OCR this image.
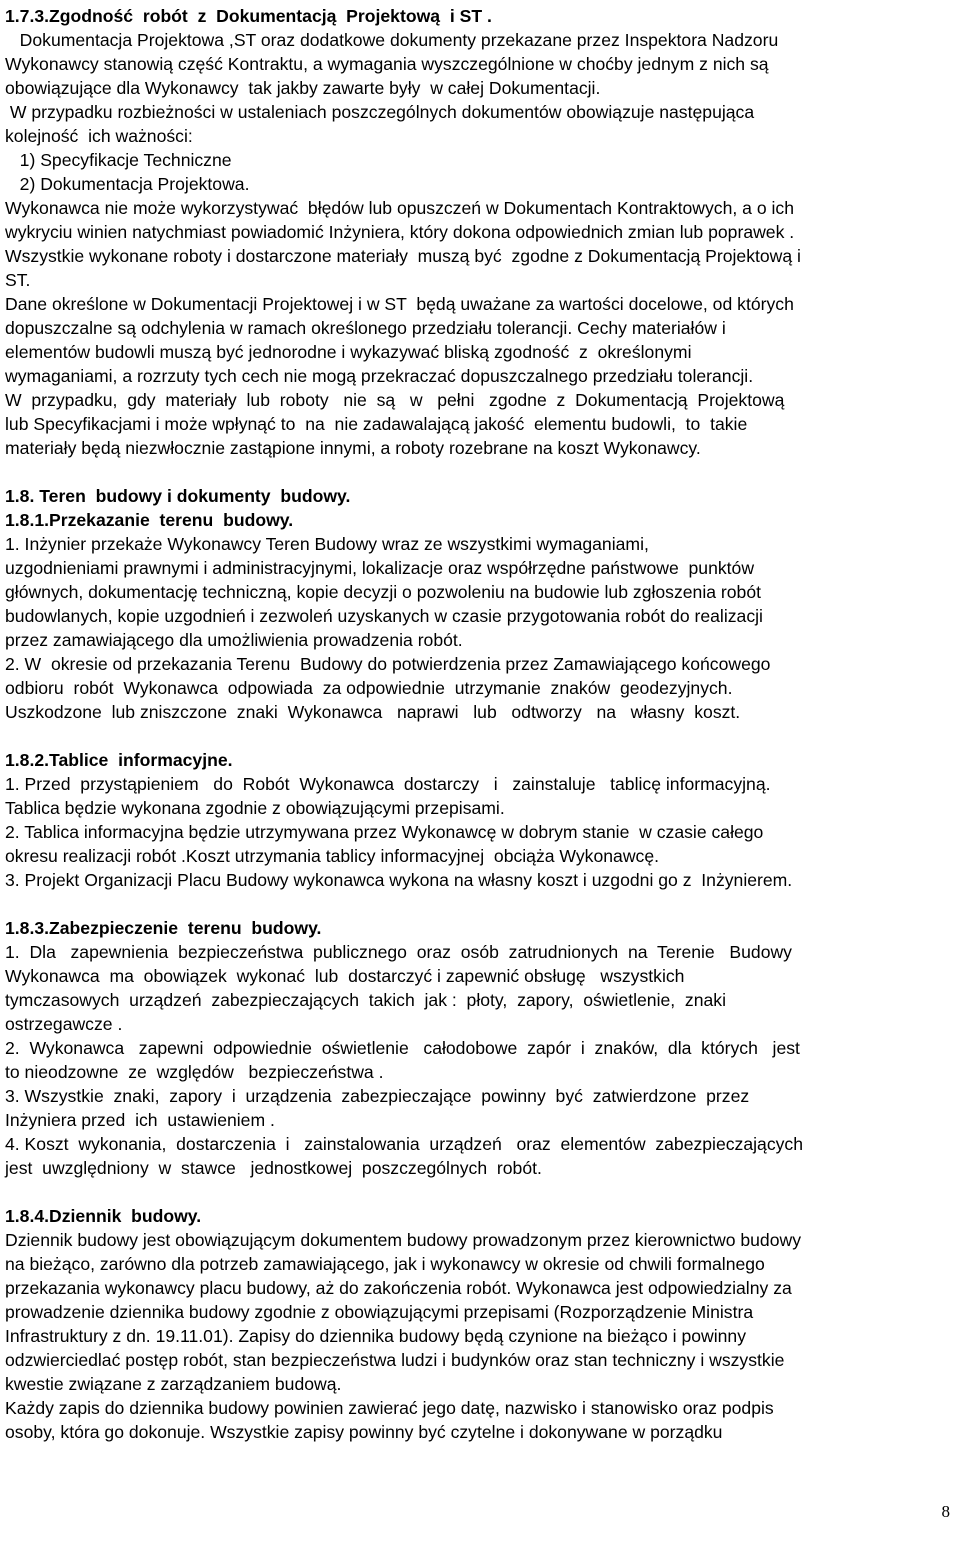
1.7.3.Zgodność  robót  z  Dokumentacją  Projektową  i ST .
Dokumentacja Projektowa ,ST oraz dodatkowe dokumenty przekazane przez Inspektora Nadzoru
Wykonawcy stanowią część Kontraktu, a wymagania wyszczególnione w choćby jednym z nich są
obowiązujące dla Wykonawcy  tak jakby zawarte były  w całej Dokumentacji.
W przypadku rozbieżności w ustaleniach poszczególnych dokumentów obowiązuje następująca
kolejność  ich ważności:
1) Specyfikacje Techniczne
2) Dokumentacja Projektowa.
Wykonawca nie może wykorzystywać  błędów lub opuszczeń w Dokumentach Kontraktowych, a o ich
wykryciu winien natychmiast powiadomić Inżyniera, który dokona odpowiednich zmian lub poprawek .
Wszystkie wykonane roboty i dostarczone materiały  muszą być  zgodne z Dokumentacją Projektową i
ST.
Dane określone w Dokumentacji Projektowej i w ST  będą uważane za wartości docelowe, od których
dopuszczalne są odchylenia w ramach określonego przedziału tolerancji. Cechy materiałów i
elementów budowli muszą być jednorodne i wykazywać bliską zgodność  z  określonymi
wymaganiami, a rozrzuty tych cech nie mogą przekraczać dopuszczalnego przedziału tolerancji.
W  przypadku,  gdy  materiały  lub  roboty   nie  są   w   pełni   zgodne  z  Dokumentacją  Projektową
lub Specyfikacjami i może wpłynąć to  na  nie zadawalającą jakość  elementu budowli,  to  takie
materiały będą niezwłocznie zastąpione innymi, a roboty rozebrane na koszt Wykonawcy.
1.8. Teren  budowy i dokumenty  budowy.
1.8.1.Przekazanie  terenu  budowy.
1. Inżynier przekaże Wykonawcy Teren Budowy wraz ze wszystkimi wymaganiami,
uzgodnieniami prawnymi i administracyjnymi, lokalizacje oraz współrzędne państwowe  punktów
głównych, dokumentację techniczną, kopie decyzji o pozwoleniu na budowie lub zgłoszenia robót
budowlanych, kopie uzgodnień i zezwoleń uzyskanych w czasie przygotowania robót do realizacji
przez zamawiającego dla umożliwienia prowadzenia robót.
2. W  okresie od przekazania Terenu  Budowy do potwierdzenia przez Zamawiającego końcowego
odbioru  robót  Wykonawca  odpowiada  za odpowiednie  utrzymanie  znaków  geodezyjnych.
Uszkodzone  lub zniszczone  znaki  Wykonawca   naprawi   lub   odtworzy   na   własny  koszt.
1.8.2.Tablice  informacyjne.
1. Przed  przystąpieniem   do  Robót  Wykonawca  dostarczy   i   zainstaluje   tablicę informacyjną.
Tablica będzie wykonana zgodnie z obowiązującymi przepisami.
2. Tablica informacyjna będzie utrzymywana przez Wykonawcę w dobrym stanie  w czasie całego
okresu realizacji robót .Koszt utrzymania tablicy informacyjnej  obciąża Wykonawcę.
3. Projekt Organizacji Placu Budowy wykonawca wykona na własny koszt i uzgodni go z  Inżynierem.
1.8.3.Zabezpieczenie  terenu  budowy.
1.  Dla   zapewnienia  bezpieczeństwa  publicznego  oraz  osób  zatrudnionych  na  Terenie   Budowy
Wykonawca  ma  obowiązek  wykonać  lub  dostarczyć i zapewnić obsługę   wszystkich
tymczasowych  urządzeń  zabezpieczających  takich  jak :  płoty,  zapory,  oświetlenie,  znaki
ostrzegawcze .
2.  Wykonawca   zapewni  odpowiednie  oświetlenie   całodobowe  zapór  i  znaków,  dla  których   jest
to nieodzowne  ze  względów   bezpieczeństwa .
3. Wszystkie  znaki,  zapory  i  urządzenia  zabezpieczające  powinny  być  zatwierdzone  przez
Inżyniera przed  ich  ustawieniem .
4. Koszt  wykonania,  dostarczenia  i   zainstalowania  urządzeń   oraz  elementów  zabezpieczających
jest  uwzględniony  w  stawce   jednostkowej  poszczególnych  robót.
1.8.4.Dziennik  budowy.
Dziennik budowy jest obowiązującym dokumentem budowy prowadzonym przez kierownictwo budowy
na bieżąco, zarówno dla potrzeb zamawiającego, jak i wykonawcy w okresie od chwili formalnego
przekazania wykonawcy placu budowy, aż do zakończenia robót. Wykonawca jest odpowiedzialny za
prowadzenie dziennika budowy zgodnie z obowiązującymi przepisami (Rozporządzenie Ministra
Infrastruktury z dn. 19.11.01). Zapisy do dziennika budowy będą czynione na bieżąco i powinny
odzwierciedlać postęp robót, stan bezpieczeństwa ludzi i budynków oraz stan techniczny i wszystkie
kwestie związane z zarządzaniem budową.
Każdy zapis do dziennika budowy powinien zawierać jego datę, nazwisko i stanowisko oraz podpis
osoby, która go dokonuje. Wszystkie zapisy powinny być czytelne i dokonywane w porządku
8
